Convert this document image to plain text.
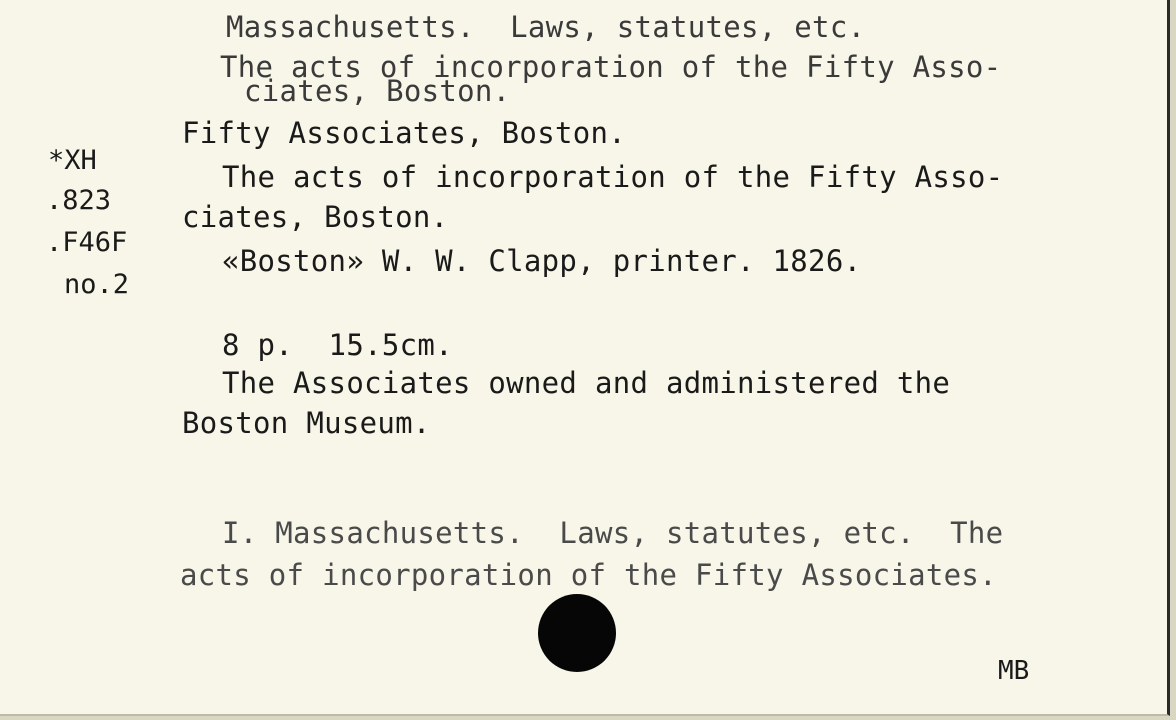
Massachusetts.  Laws, statutes, etc.
The acts of incorporation of the Fifty Asso-
ciates, Boston.
*XH
.823
.F46F
no.2
Fifty Associates, Boston.
The acts of incorporation of the Fifty Asso-
ciates, Boston.
«Boston» W. W. Clapp, printer. 1826.
8 p.  15.5cm.
The Associates owned and administered the
Boston Museum.
I. Massachusetts.  Laws, statutes, etc.  The
acts of incorporation of the Fifty Associates.
MB
